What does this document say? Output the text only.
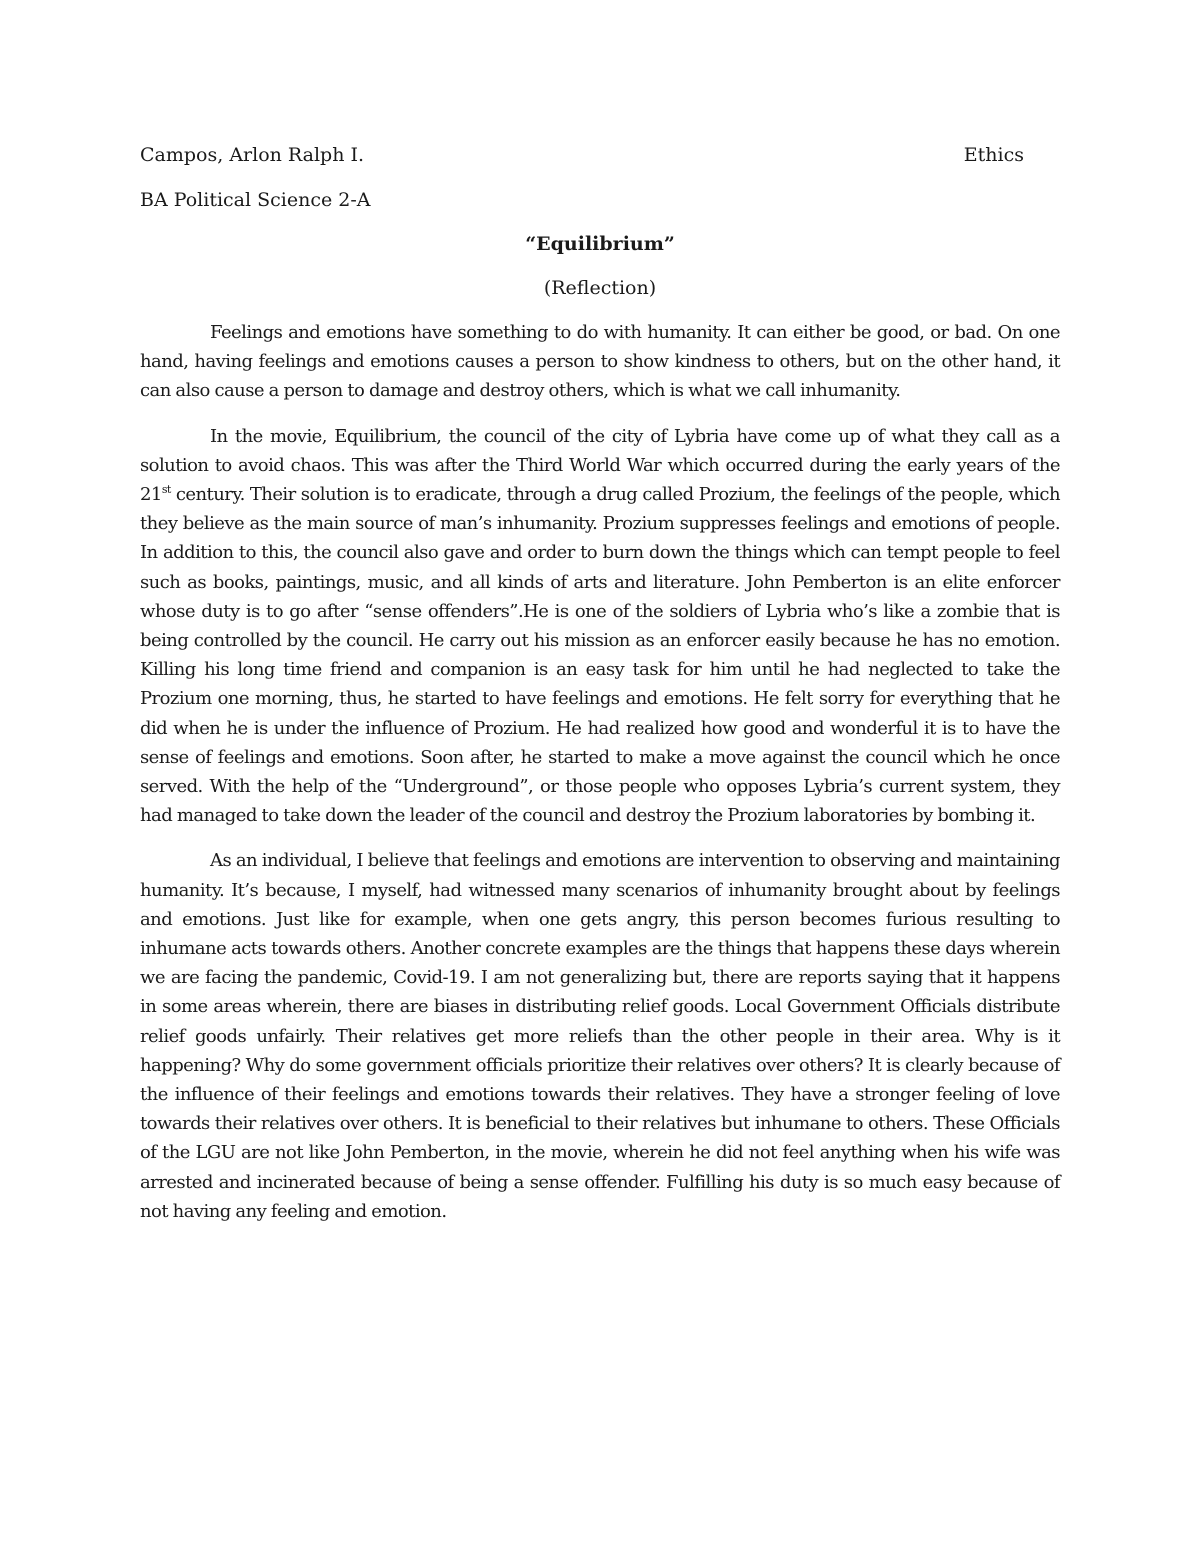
Campos, Arlon Ralph I.	Ethics
BA Political Science 2-A
“Equilibrium”
(Reflection)

Feelings and emotions have something to do with humanity. It can either be good, or bad. On one hand, having feelings and emotions causes a person to show kindness to others, but on the other hand, it can also cause a person to damage and destroy others, which is what we call inhumanity.

In the movie, Equilibrium, the council of the city of Lybria have come up of what they call as a solution to avoid chaos. This was after the Third World War which occurred during the early years of the 21st century. Their solution is to eradicate, through a drug called Prozium, the feelings of the people, which they believe as the main source of man’s inhumanity. Prozium suppresses feelings and emotions of people. In addition to this, the council also gave and order to burn down the things which can tempt people to feel such as books, paintings, music, and all kinds of arts and literature. John Pemberton is an elite enforcer whose duty is to go after “sense offenders”.He is one of the soldiers of Lybria who’s like a zombie that is being controlled by the council. He carry out his mission as an enforcer easily because he has no emotion. Killing his long time friend and companion is an easy task for him until he had neglected to take the Prozium one morning, thus, he started to have feelings and emotions. He felt sorry for everything that he did when he is under the influence of Prozium. He had realized how good and wonderful it is to have the sense of feelings and emotions. Soon after, he started to make a move against the council which he once served. With the help of the “Underground”, or those people who opposes Lybria’s current system, they had managed to take down the leader of the council and destroy the Prozium laboratories by bombing it.

As an individual, I believe that feelings and emotions are intervention to observing and maintaining humanity. It’s because, I myself, had witnessed many scenarios of inhumanity brought about by feelings and emotions. Just like for example, when one gets angry, this person becomes furious resulting to inhumane acts towards others. Another concrete examples are the things that happens these days wherein we are facing the pandemic, Covid-19. I am not generalizing but, there are reports saying that it happens in some areas wherein, there are biases in distributing relief goods. Local Government Officials distribute relief goods unfairly. Their relatives get more reliefs than the other people in their area. Why is it happening? Why do some government officials prioritize their relatives over others? It is clearly because of the influence of their feelings and emotions towards their relatives. They have a stronger feeling of love towards their relatives over others. It is beneficial to their relatives but inhumane to others. These Officials of the LGU are not like John Pemberton, in the movie, wherein he did not feel anything when his wife was arrested and incinerated because of being a sense offender. Fulfilling his duty is so much easy because of not having any feeling and emotion.
